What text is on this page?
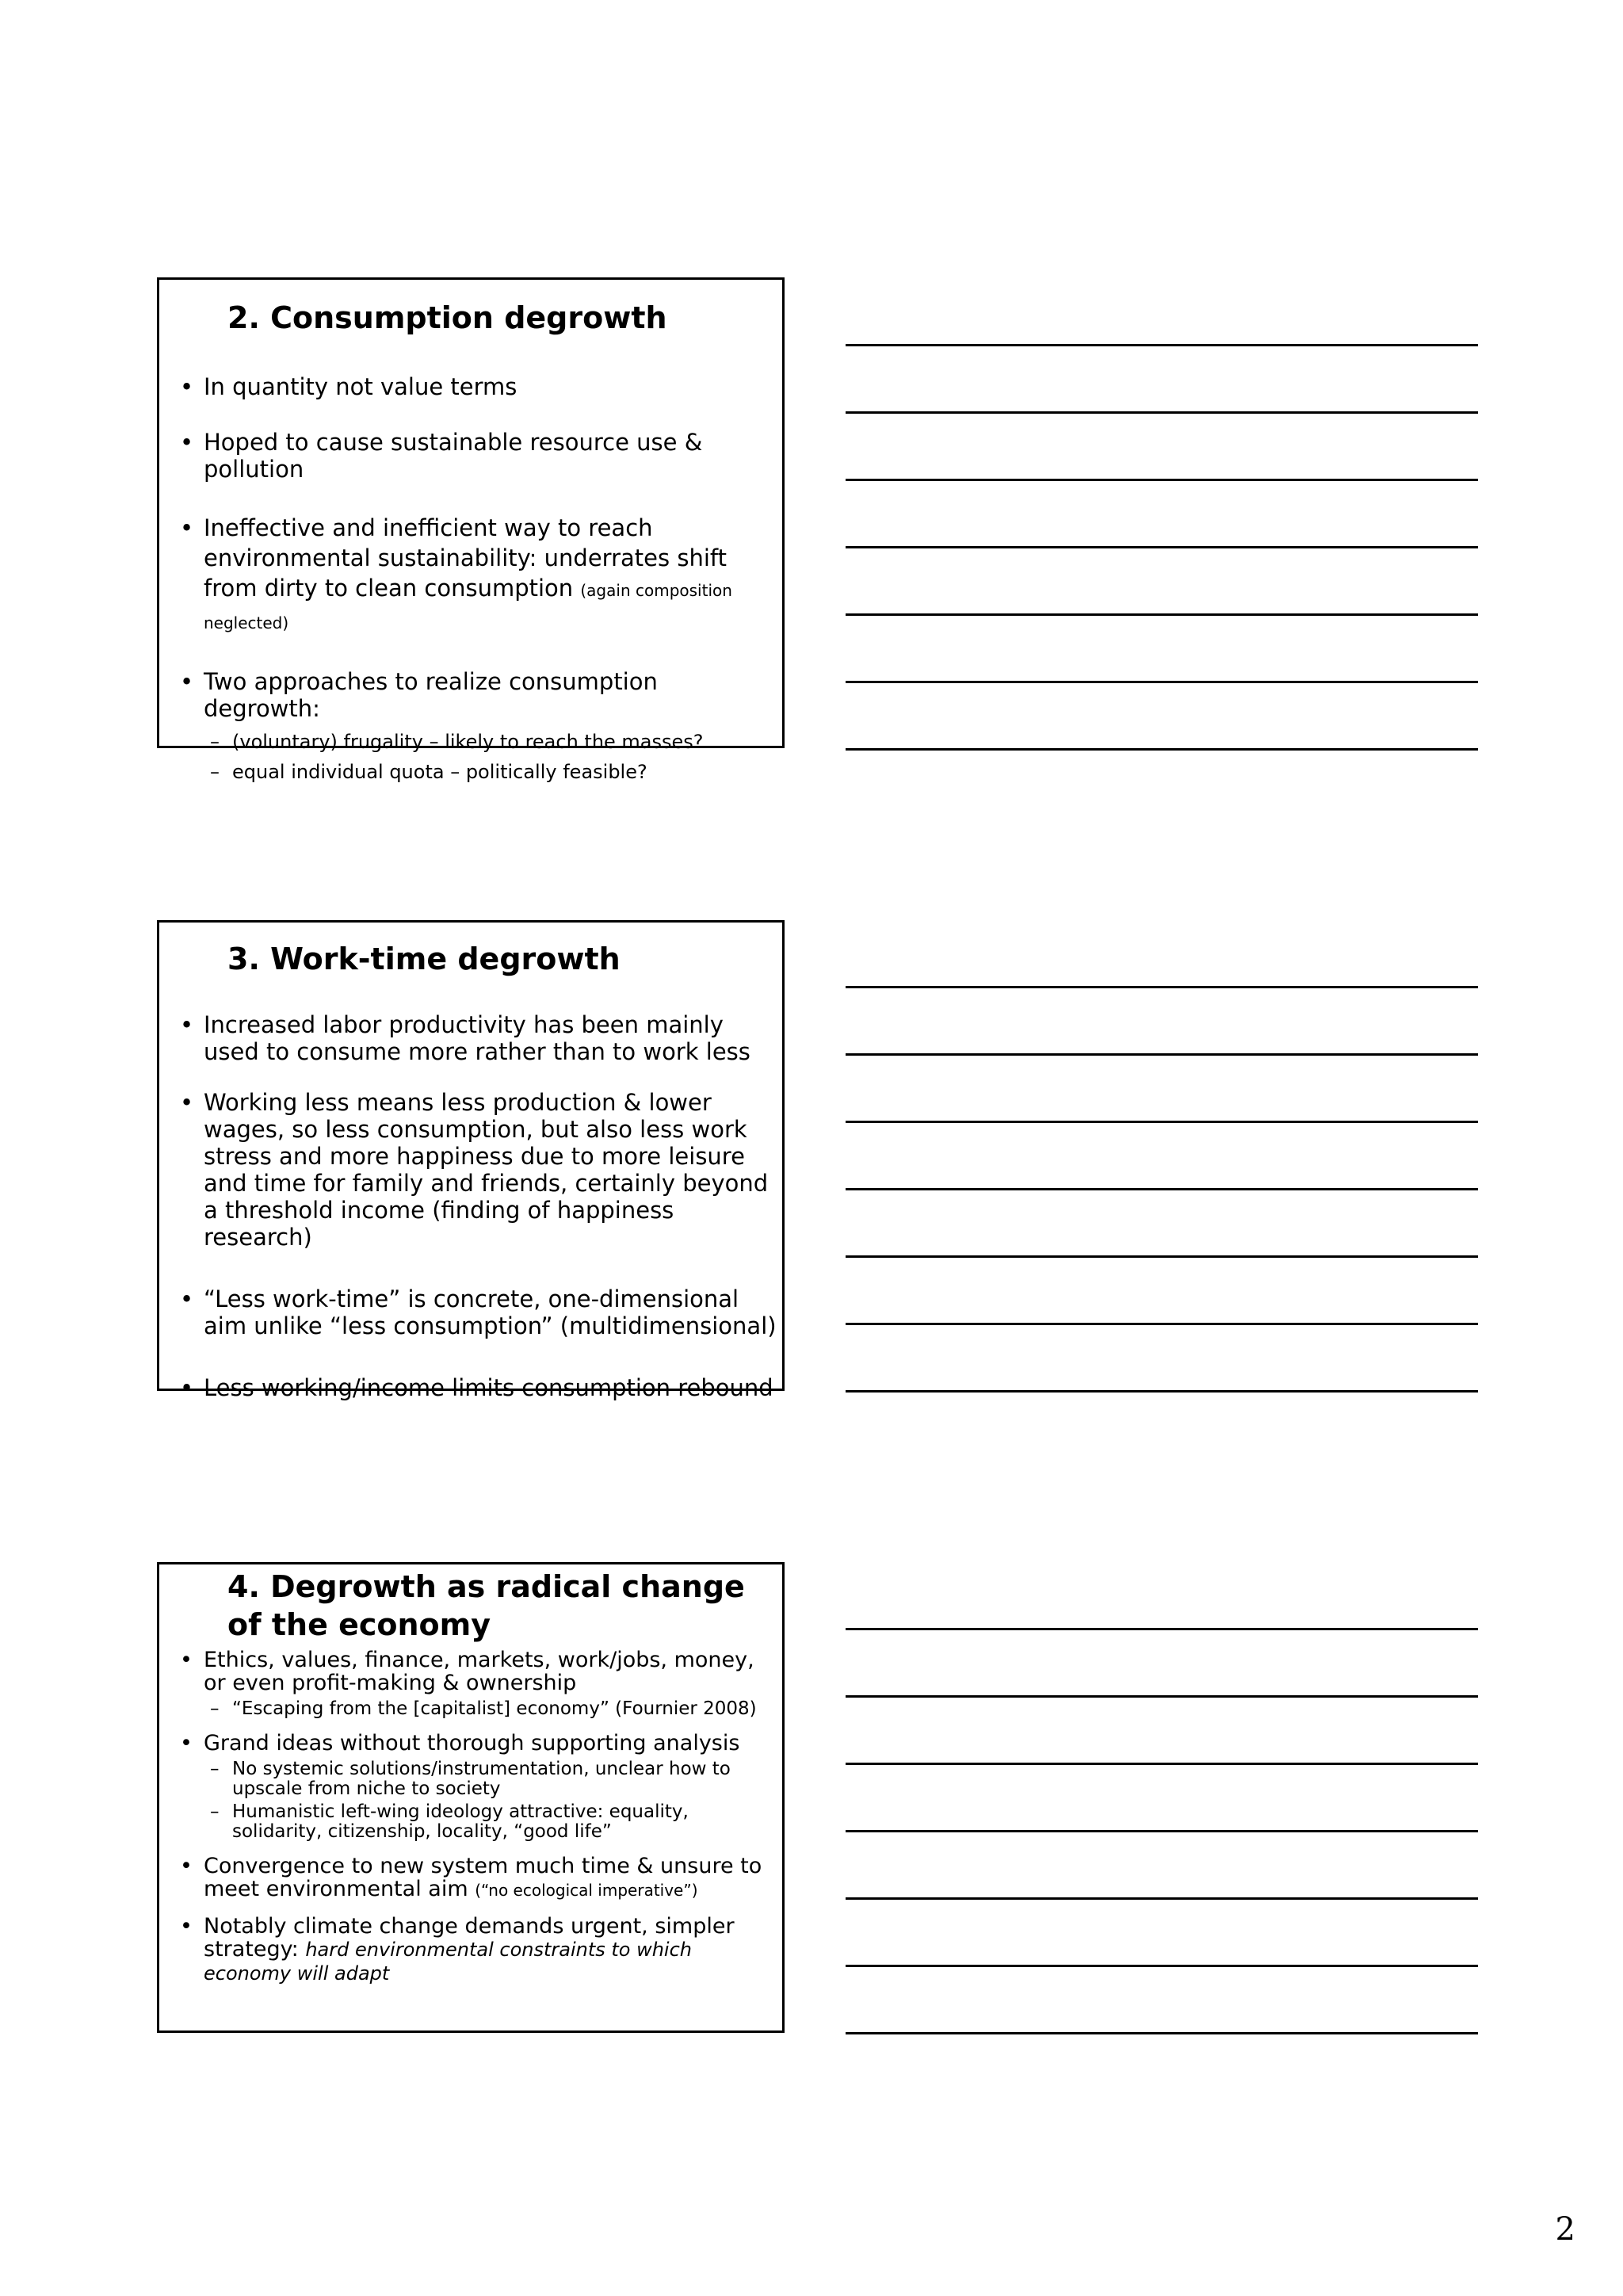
2. Consumption degrowth
• In quantity not value terms
• Hoped to cause sustainable resource use & pollution
• Ineffective and inefficient way to reach environmental sustainability: underrates shift from dirty to clean consumption (again composition neglected)
• Two approaches to realize consumption degrowth:
– (voluntary) frugality – likely to reach the masses?
– equal individual quota – politically feasible?
3. Work-time degrowth
• Increased labor productivity has been mainly used to consume more rather than to work less
• Working less means less production & lower wages, so less consumption, but also less work stress and more happiness due to more leisure and time for family and friends, certainly beyond a threshold income (finding of happiness research)
• “Less work-time” is concrete, one-dimensional aim unlike “less consumption” (multidimensional)
• Less working/income limits consumption rebound
4. Degrowth as radical change of the economy
• Ethics, values, finance, markets, work/jobs, money, or even profit-making & ownership
– “Escaping from the [capitalist] economy” (Fournier 2008)
• Grand ideas without thorough supporting analysis
– No systemic solutions/instrumentation, unclear how to upscale from niche to society
– Humanistic left-wing ideology attractive: equality, solidarity, citizenship, locality, “good life”
• Convergence to new system much time & unsure to meet environmental aim (“no ecological imperative”)
• Notably climate change demands urgent, simpler strategy: hard environmental constraints to which economy will adapt
2
